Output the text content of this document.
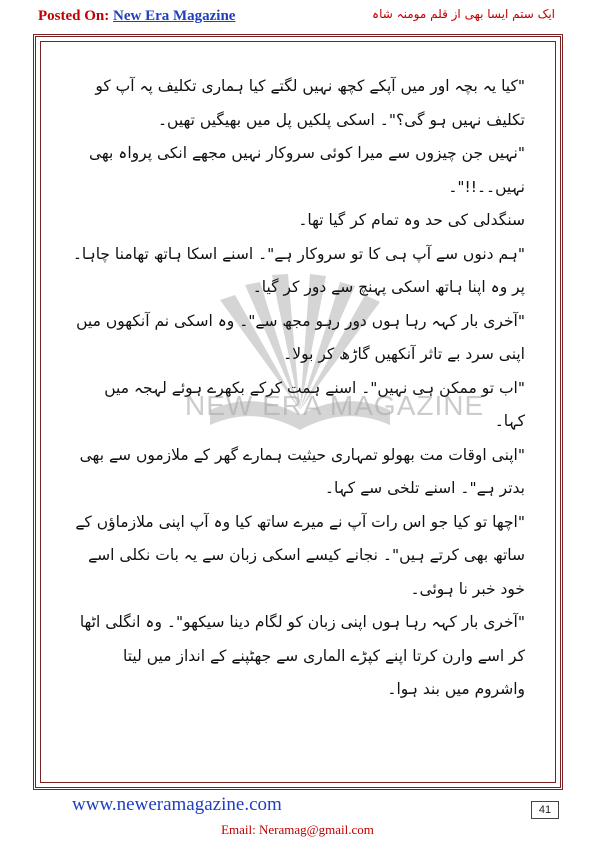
Posted On: New Era Magazine	ایک ستم ایسا بھی از قلم مومنہ شاہ
NEW ERA MAGAZINE

"کیا یہ بچہ اور میں آپکے کچھ نہیں لگتے کیا ہماری تکلیف پہ آپ کو تکلیف نہیں ہو گی؟"۔ اسکی پلکیں پل میں بھیگیں تھیں۔

"نہیں جن چیزوں سے میرا کوئی سروکار نہیں مجھے انکی پرواہ بھی نہیں۔۔!!"۔

سنگدلی کی حد وہ تمام کر گیا تھا۔

"ہم دنوں سے آپ ہی کا تو سروکار ہے"۔ اسنے اسکا ہاتھ تھامنا چاہا۔

پر وہ اپنا ہاتھ اسکی پہنچ سے دور کر گیا۔

"آخری بار کہہ رہا ہوں دور رہو مجھ سے"۔ وہ اسکی نم آنکھوں میں اپنی سرد بے تاثر آنکھیں گاڑھ کر بولا۔

"اب تو ممکن ہی نہیں"۔ اسنے ہمت کرکے بکھرے ہوئے لہجہ میں کہا۔

"اپنی اوقات مت بھولو تمہاری حیثیت ہمارے گھر کے ملازموں سے بھی بدتر ہے"۔ اسنے تلخی سے کہا۔

"اچھا تو کیا جو اس رات آپ نے میرے ساتھ کیا وہ آپ اپنی ملازماؤں کے ساتھ بھی کرتے ہیں"۔ نجانے کیسے اسکی زبان سے یہ بات نکلی اسے خود خبر نا ہوئی۔

"آخری بار کہہ رہا ہوں اپنی زبان کو لگام دینا سیکھو"۔ وہ انگلی اٹھا کر اسے وارن کرتا اپنے کپڑے الماری سے جھٹپنے کے انداز میں لیتا واشروم میں بند ہوا۔

www.neweramagazine.com	41
Email: Neramag@gmail.com
